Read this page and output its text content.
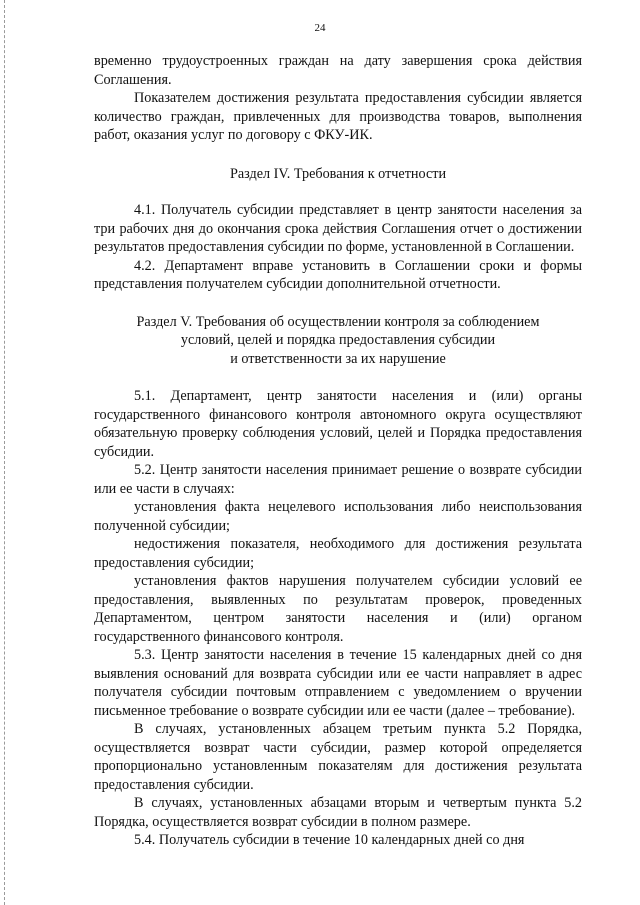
24

временно трудоустроенных граждан на дату завершения срока действия Соглашения.

Показателем достижения результата предоставления субсидии является количество граждан, привлеченных для производства товаров, выполнения работ, оказания услуг по договору с ФКУ-ИК.

Раздел IV. Требования к отчетности

4.1. Получатель субсидии представляет в центр занятости населения за три рабочих дня до окончания срока действия Соглашения отчет о достижении результатов предоставления субсидии по форме, установленной в Соглашении.

4.2. Департамент вправе установить в Соглашении сроки и формы представления получателем субсидии дополнительной отчетности.

Раздел V. Требования об осуществлении контроля за соблюдением
условий, целей и порядка предоставления субсидии
и ответственности за их нарушение

5.1. Департамент, центр занятости населения и (или) органы государственного финансового контроля автономного округа осуществляют обязательную проверку соблюдения условий, целей и Порядка предоставления субсидии.

5.2. Центр занятости населения принимает решение о возврате субсидии или ее части в случаях:

установления факта нецелевого использования либо неиспользования полученной субсидии;

недостижения показателя, необходимого для достижения результата предоставления субсидии;

установления фактов нарушения получателем субсидии условий ее предоставления, выявленных по результатам проверок, проведенных Департаментом, центром занятости населения и (или) органом государственного финансового контроля.

5.3. Центр занятости населения в течение 15 календарных дней со дня выявления оснований для возврата субсидии или ее части направляет в адрес получателя субсидии почтовым отправлением с уведомлением о вручении письменное требование о возврате субсидии или ее части (далее – требование).

В случаях, установленных абзацем третьим пункта 5.2 Порядка, осуществляется возврат части субсидии, размер которой определяется пропорционально установленным показателям для достижения результата предоставления субсидии.

В случаях, установленных абзацами вторым и четвертым пункта 5.2 Порядка, осуществляется возврат субсидии в полном размере.

5.4. Получатель субсидии в течение 10 календарных дней со дня
